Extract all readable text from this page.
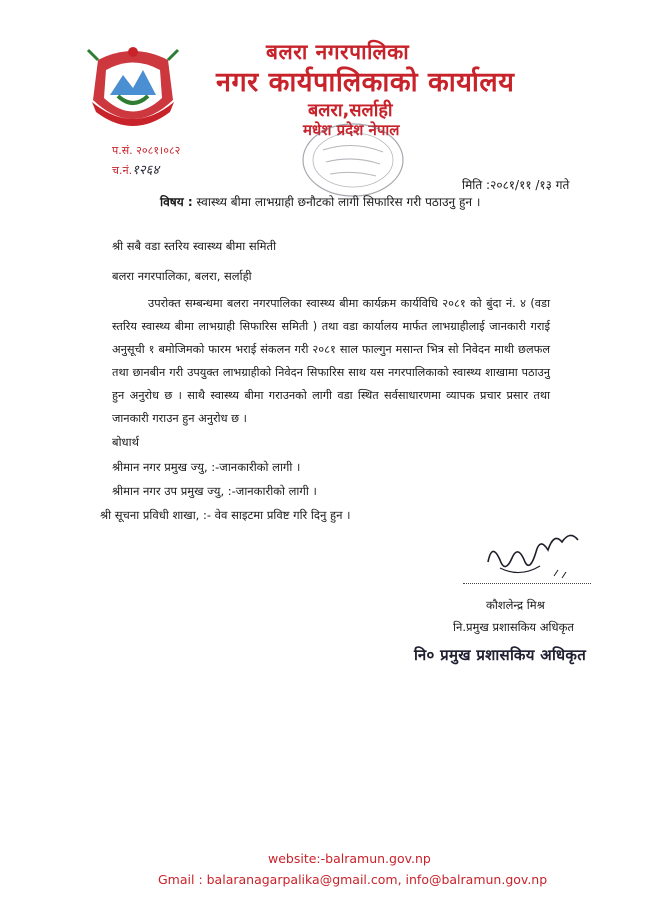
बलरा नगरपालिका
नगर कार्यपालिकाको कार्यालय
बलरा,सर्लाही
मधेश प्रदेश नेपाल
प.सं. २०८१।०८२
च.नं.१२६४
मिति :२०८१/११ /१३ गते
विषय : स्वास्थ्य बीमा लाभग्राही छनौटको लागी सिफारिस गरी पठाउनु हुन ।
श्री सबै वडा स्तरिय स्वास्थ्य बीमा समिती
बलरा नगरपालिका, बलरा, सर्लाही
उपरोक्त सम्बन्धमा बलरा नगरपालिका स्वास्थ्य बीमा कार्यक्रम कार्यविधि २०८१ को बुंदा नं. ४ (वडा स्तरिय स्वास्थ्य बीमा लाभग्राही सिफारिस समिती ) तथा वडा कार्यालय मार्फत लाभग्राहीलाई जानकारी गराई अनुसूची १ बमोजिमको फारम भराई संकलन गरी २०८१ साल फाल्गुन मसान्त भित्र सो निवेदन माथी छलफल तथा छानबीन गरी उपयुक्त लाभग्राहीको निवेदन सिफारिस साथ यस नगरपालिकाको स्वास्थ्य शाखामा पठाउनु हुन अनुरोध छ । साथै स्वास्थ्य बीमा गराउनको लागी वडा स्थित सर्वसाधारणमा व्यापक प्रचार प्रसार तथा जानकारी गराउन हुन अनुरोध छ ।
बोधार्थ
श्रीमान नगर प्रमुख ज्यु, :-जानकारीको लागी ।
श्रीमान नगर उप प्रमुख ज्यु, :-जानकारीको लागी ।
श्री सूचना प्रविधी शाखा, :- वेव साइटमा प्रविष्ट गरि दिनु हुन ।
कौशलेन्द्र मिश्र
नि.प्रमुख प्रशासकिय अधिकृत
नि० प्रमुख प्रशासकिय अधिकृत
website:-balramun.gov.np
Gmail : balaranagarpalika@gmail.com, info@balramun.gov.np
